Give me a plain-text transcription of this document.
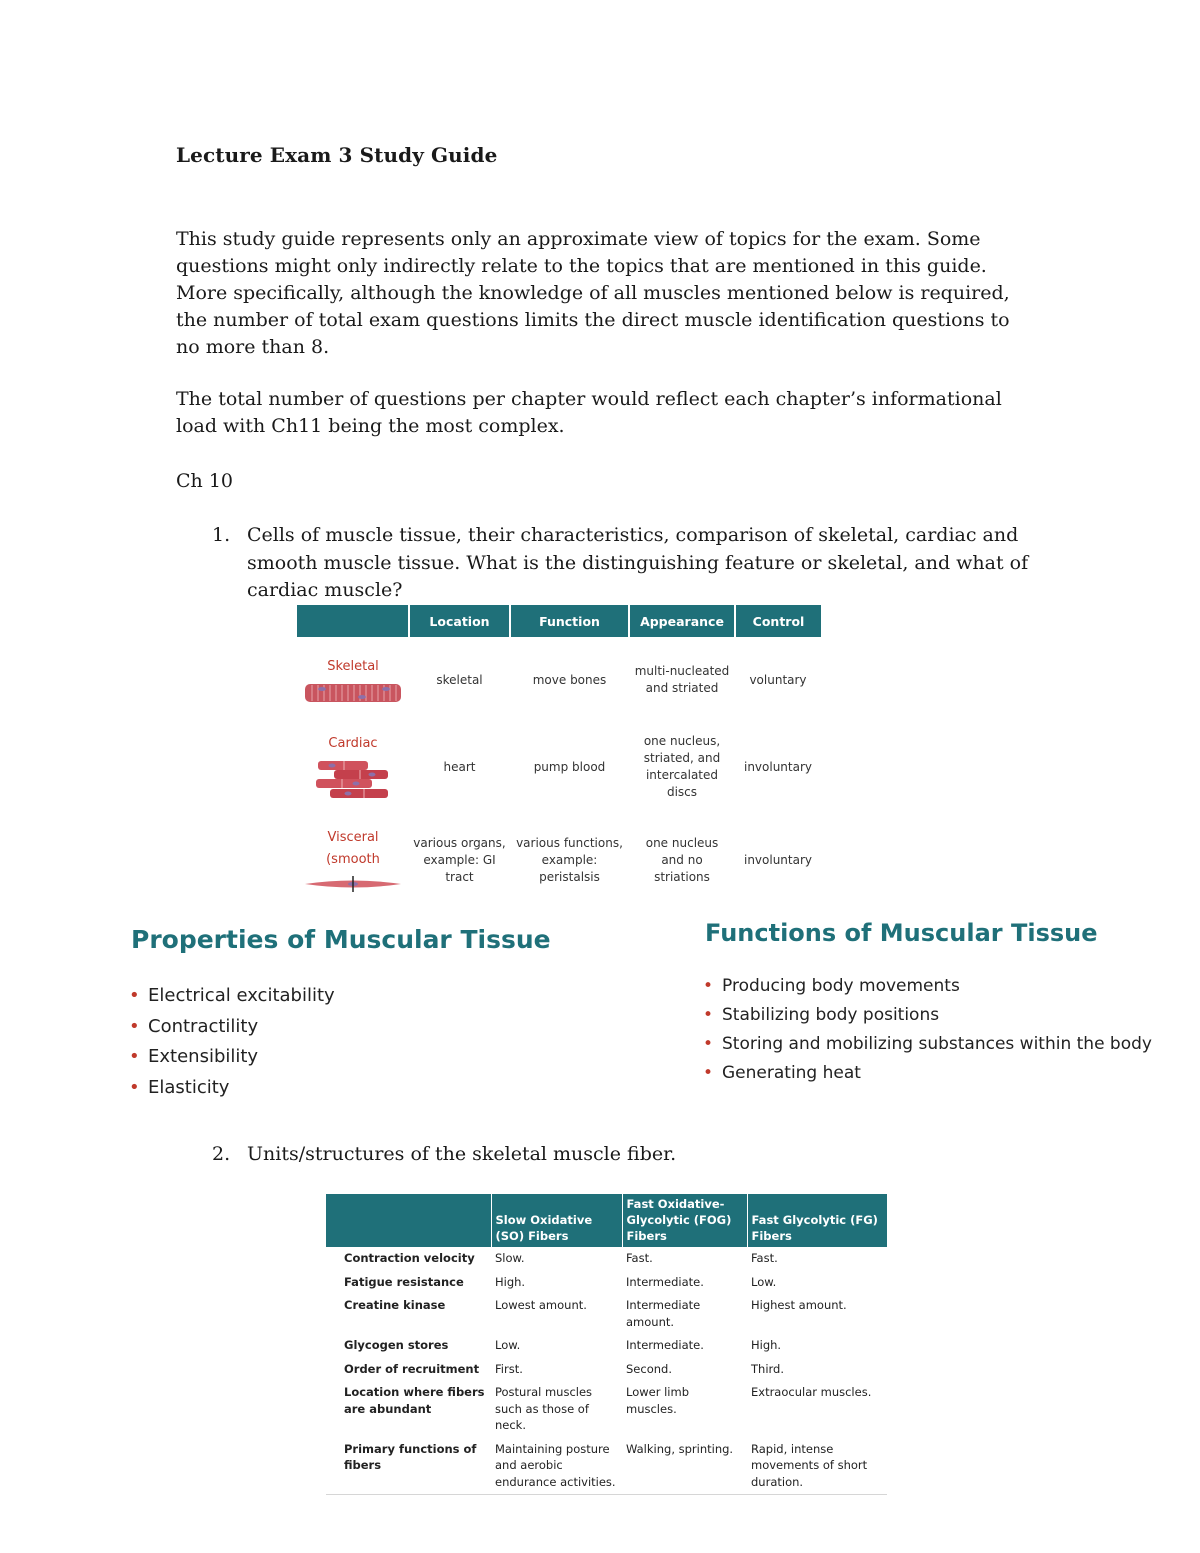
Lecture Exam 3 Study Guide

This study guide represents only an approximate view of topics for the exam. Some questions might only indirectly relate to the topics that are mentioned in this guide. More specifically, although the knowledge of all muscles mentioned below is required, the number of total exam questions limits the direct muscle identification questions to no more than 8.

The total number of questions per chapter would reflect each chapter’s informational load with Ch11 being the most complex.

Ch 10

1. Cells of muscle tissue, their characteristics, comparison of skeletal, cardiac and smooth muscle tissue. What is the distinguishing feature or skeletal, and what of cardiac muscle?
	Location	Function	Appearance	Control
Skeletal	skeletal	move bones	multi-nucleated and striated	voluntary
Cardiac	heart	pump blood	one nucleus, striated, and intercalated discs	involuntary
Visceral (smooth	various organs, example: GI tract	various functions, example: peristalsis	one nucleus and no striations	involuntary
Properties of Muscular Tissue
• Electrical excitability
• Contractility
• Extensibility
• Elasticity
Functions of Muscular Tissue
• Producing body movements
• Stabilizing body positions
• Storing and mobilizing substances within the body
• Generating heat
2. Units/structures of the skeletal muscle fiber.
	Slow Oxidative (SO) Fibers	Fast Oxidative-Glycolytic (FOG) Fibers	Fast Glycolytic (FG) Fibers
Contraction velocity	Slow.	Fast.	Fast.
Fatigue resistance	High.	Intermediate.	Low.
Creatine kinase	Lowest amount.	Intermediate amount.	Highest amount.
Glycogen stores	Low.	Intermediate.	High.
Order of recruitment	First.	Second.	Third.
Location where fibers are abundant	Postural muscles such as those of neck.	Lower limb muscles.	Extraocular muscles.
Primary functions of fibers	Maintaining posture and aerobic endurance activities.	Walking, sprinting.	Rapid, intense movements of short duration.
